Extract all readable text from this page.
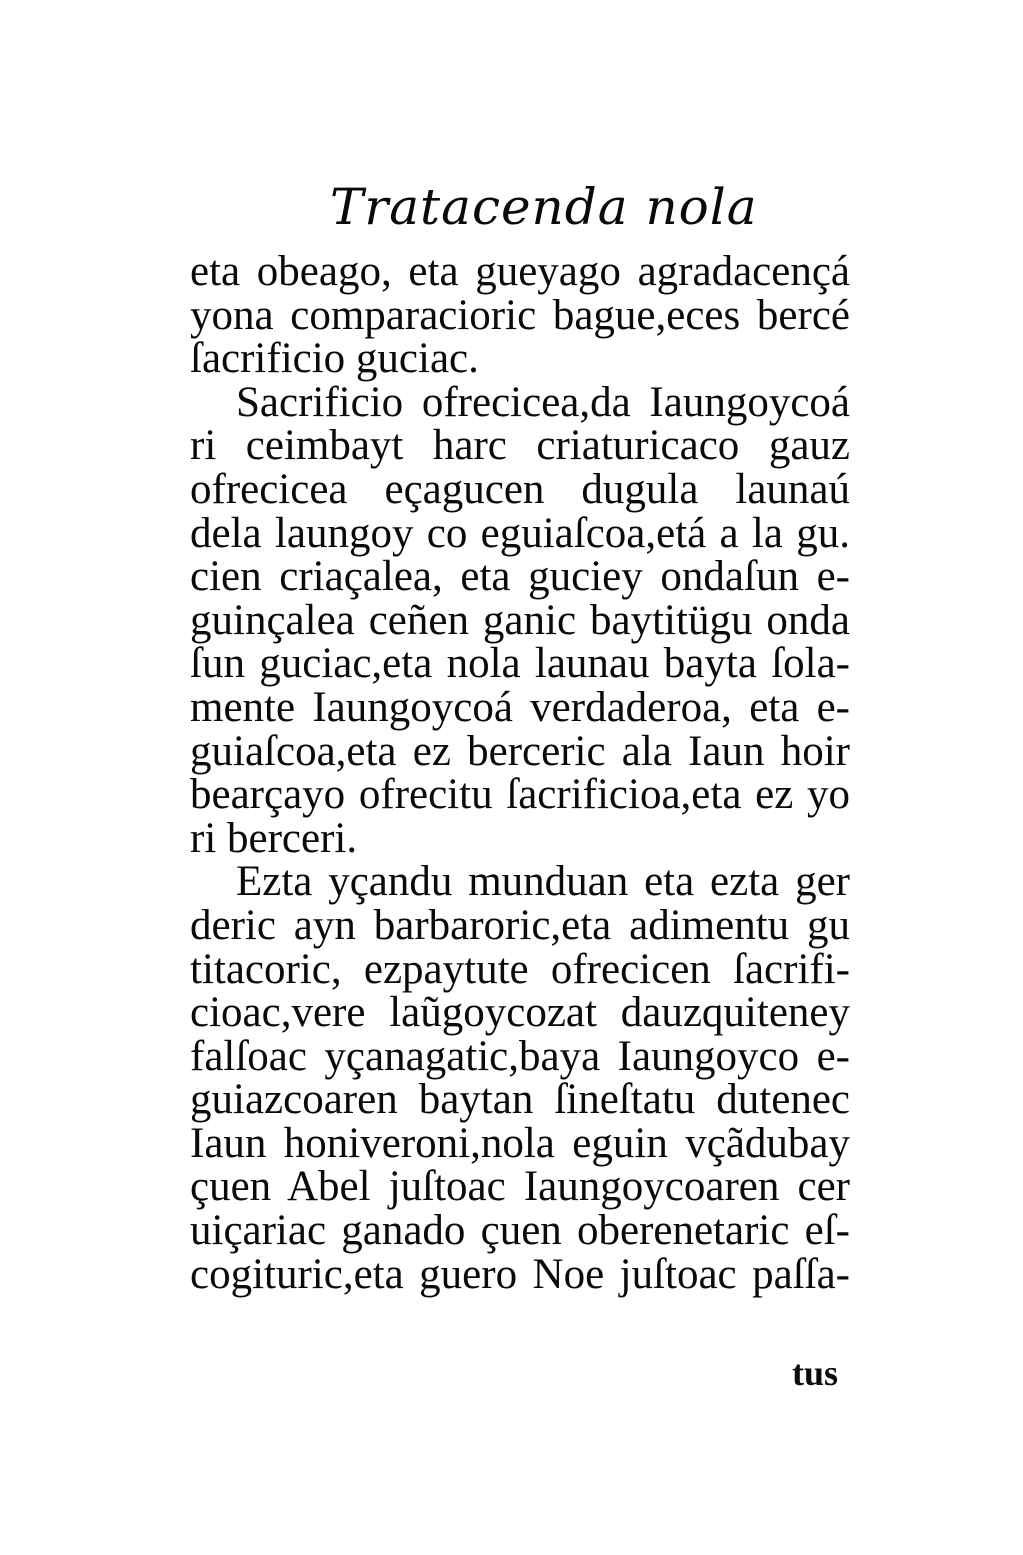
Tratacenda nola
eta obeago, eta gueyago agradacençá
yona comparacioric bague,eces bercé
ſacrificio guciac.
Sacrificio ofrecicea,da Iaungoycoá
ri ceimbayt harc criaturicaco gauz
ofrecicea eçagucen dugula launaú
dela laungoy co eguiaſcoa,etá a la gu.
cien criaçalea, eta guciey ondaſun e-
guinçalea ceñen ganic baytitügu onda
ſun guciac,eta nola launau bayta ſola-
mente Iaungoycoá verdaderoa, eta e-
guiaſcoa,eta ez berceric ala Iaun hoir
bearçayo ofrecitu ſacrificioa,eta ez yo
ri berceri.
Ezta yçandu munduan eta ezta ger
deric ayn barbaroric,eta adimentu gu
titacoric, ezpaytute ofrecicen ſacrifi-
cioac,vere laũgoycozat dauzquiteney
falſoac yçanagatic,baya Iaungoyco e-
guiazcoaren baytan ſineſtatu dutenec
Iaun honiveroni,nola eguin vçãdubay
çuen Abel juſtoac Iaungoycoaren cer
uiçariac ganado çuen oberenetaric eſ-
cogituric,eta guero Noe juſtoac paſſa-
tus
